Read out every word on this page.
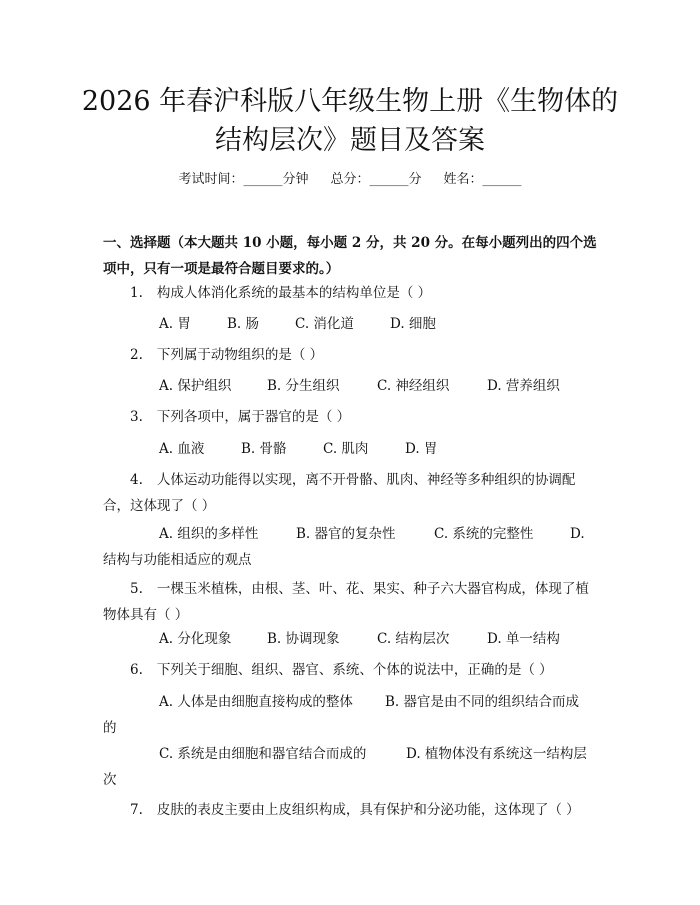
2026 年春沪科版八年级生物上册《生物体的
结构层次》题目及答案
考试时间：______分钟 总分：______分 姓名：______
一、选择题（本大题共 10 小题，每小题 2 分，共 20 分。在每小题列出的四个选项中，只有一项是最符合题目要求的。）
1. 构成人体消化系统的最基本的结构单位是（ ）
A. 胃	B. 肠	C. 消化道	D. 细胞
2. 下列属于动物组织的是（ ）
A. 保护组织	B. 分生组织	C. 神经组织	D. 营养组织
3. 下列各项中，属于器官的是（ ）
A. 血液	B. 骨骼	C. 肌肉	D. 胃
4. 人体运动功能得以实现，离不开骨骼、肌肉、神经等多种组织的协调配
合，这体现了（ ）
A. 组织的多样性	B. 器官的复杂性	C. 系统的完整性	D.
结构与功能相适应的观点
5. 一棵玉米植株，由根、茎、叶、花、果实、种子六大器官构成，体现了植
物体具有（ ）
A. 分化现象	B. 协调现象	C. 结构层次	D. 单一结构
6. 下列关于细胞、组织、器官、系统、个体的说法中，正确的是（ ）
A. 人体是由细胞直接构成的整体 B. 器官是由不同的组织结合而成
的
C. 系统是由细胞和器官结合而成的	D. 植物体没有系统这一结构层
次
7. 皮肤的表皮主要由上皮组织构成，具有保护和分泌功能，这体现了（ ）
